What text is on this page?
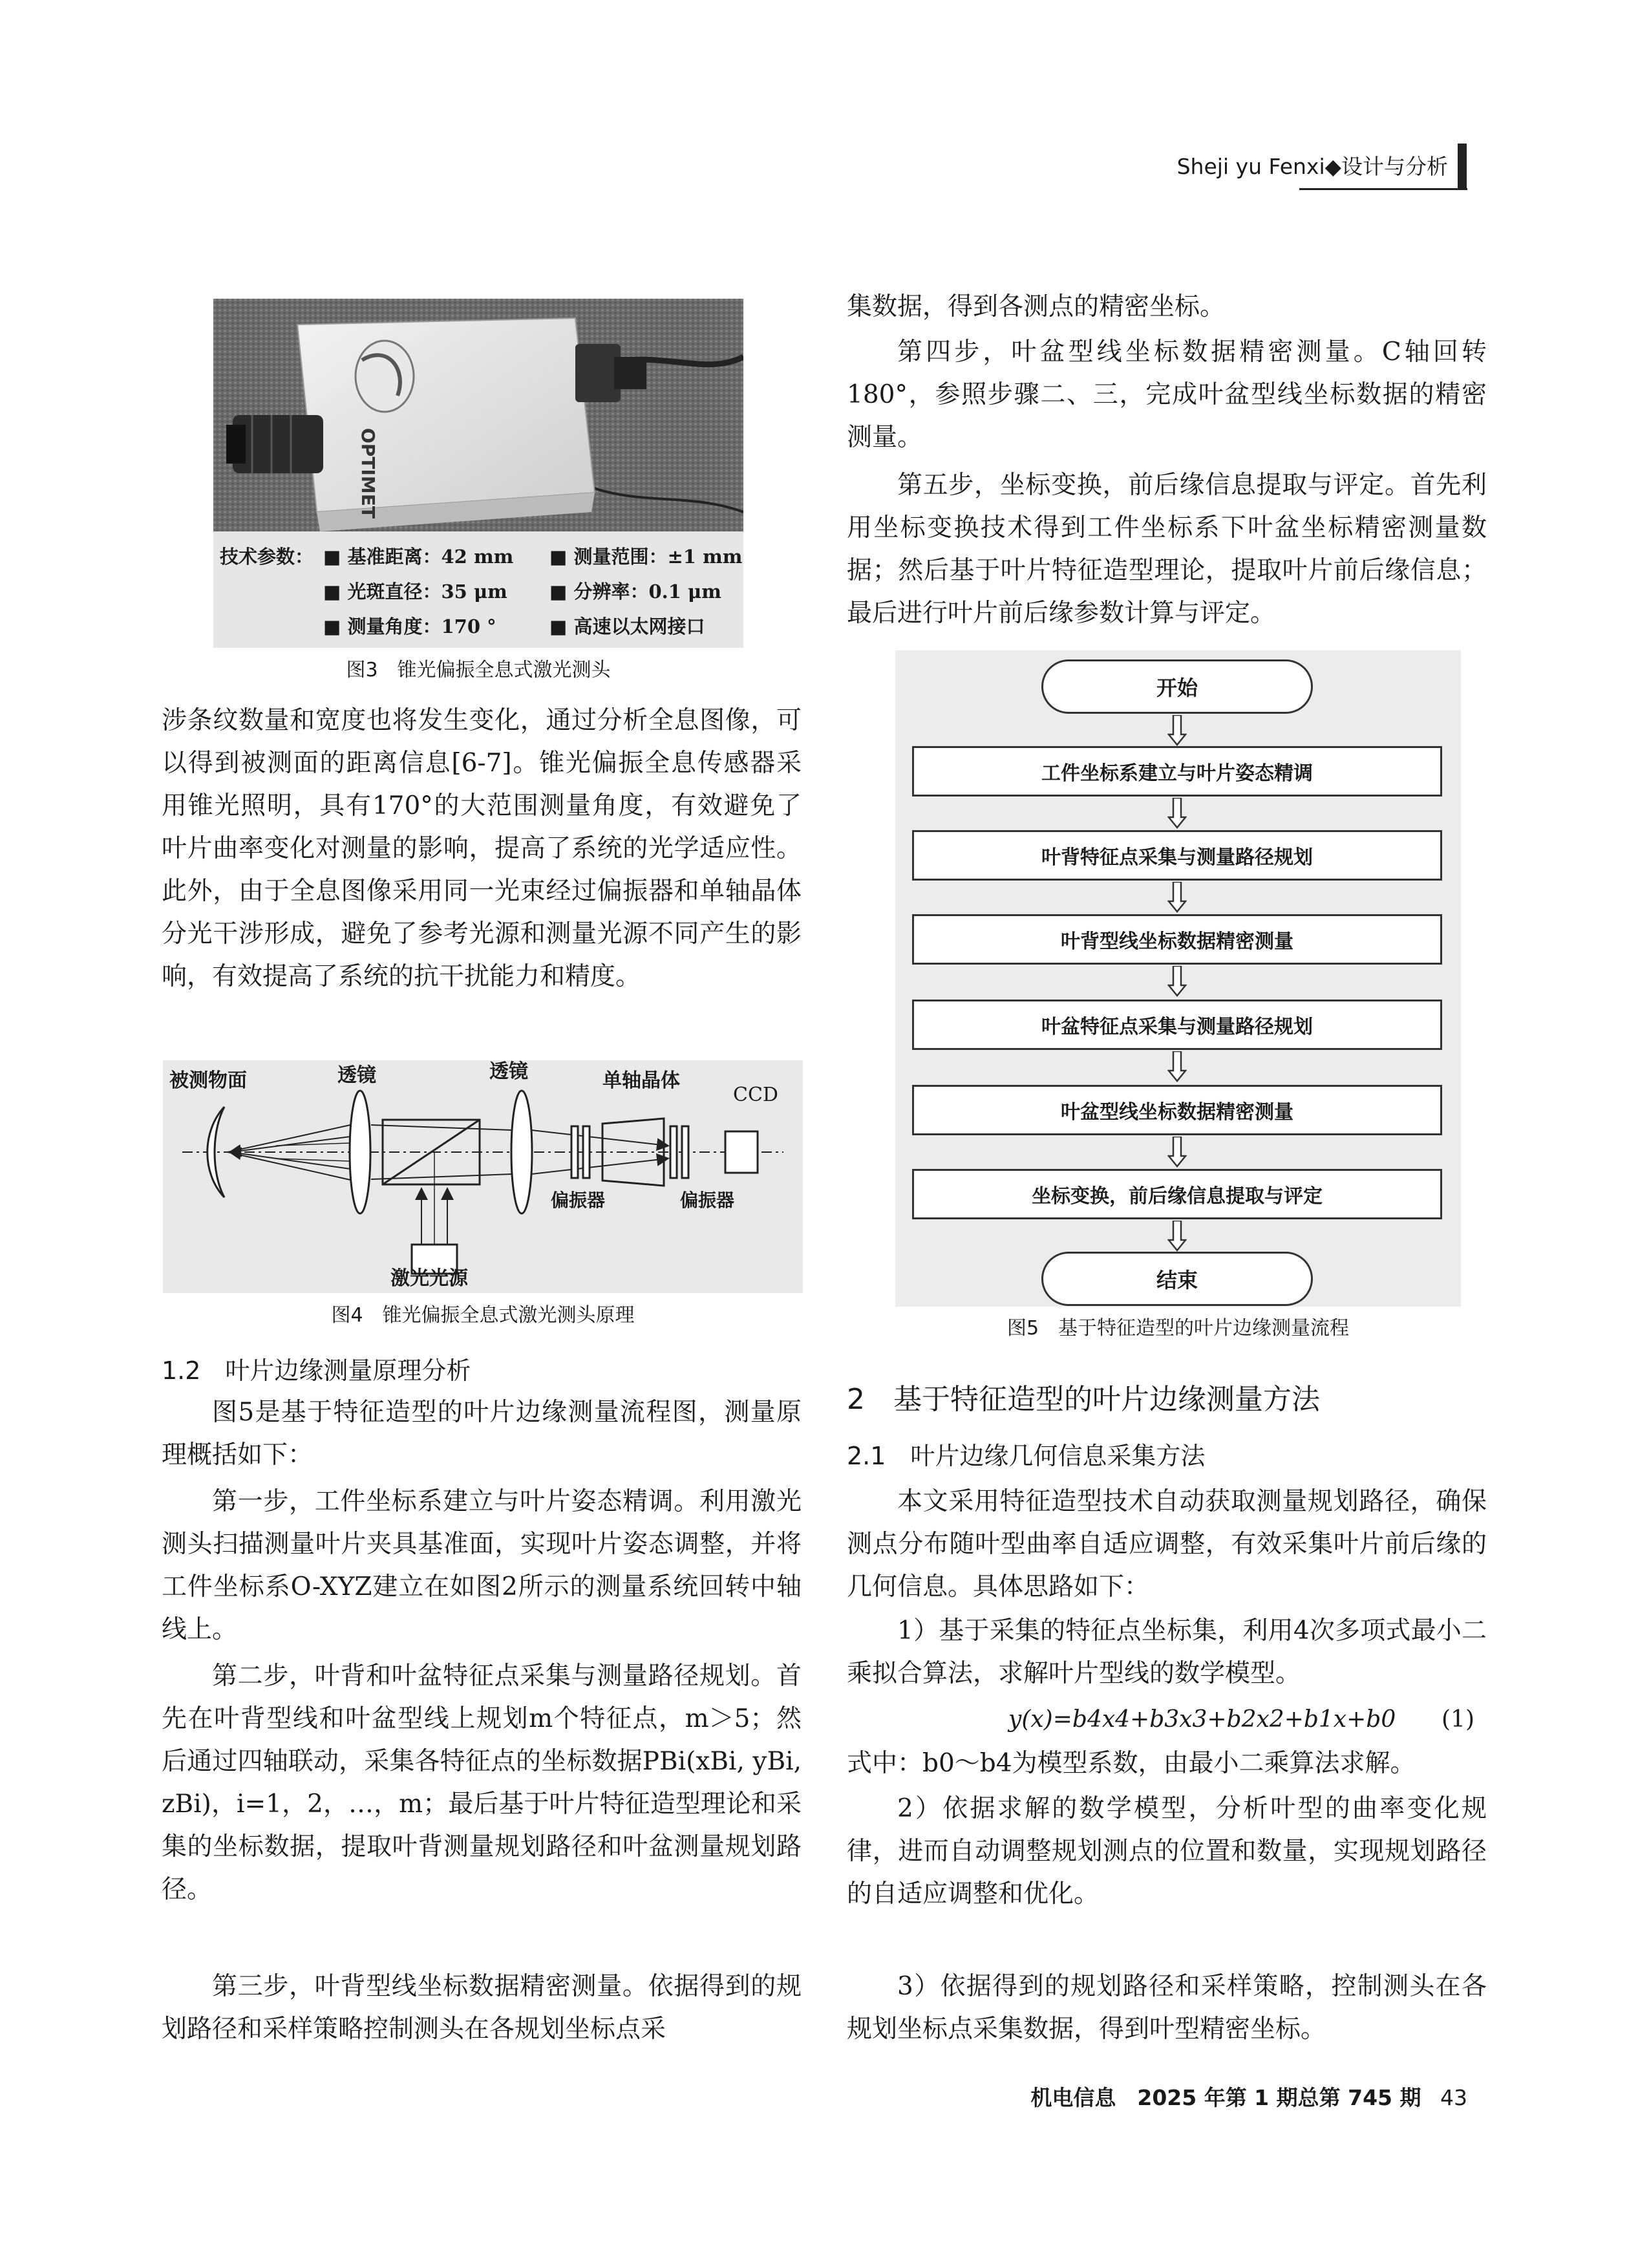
Sheji yu Fenxi◆设计与分析
OPTIMET
技术参数： ■ 基准距离：42 mm ■ 测量范围：±1 mm
■ 光斑直径：35 μm ■ 分辨率：0.1 μm
■ 测量角度：170 °	■ 高速以太网接口
图3　锥光偏振全息式激光测头

涉条纹数量和宽度也将发生变化，通过分析全息图像，可以得到被测面的距离信息[6-7]。锥光偏振全息传感器采用锥光照明，具有170°的大范围测量角度，有效避免了叶片曲率变化对测量的影响，提高了系统的光学适应性。此外，由于全息图像采用同一光束经过偏振器和单轴晶体分光干涉形成，避免了参考光源和测量光源不同产生的影响，有效提高了系统的抗干扰能力和精度。

被测物面	透镜	透镜	单轴晶体
CCD
偏振器	偏振器
激光光源
图4　锥光偏振全息式激光测头原理
1.2　叶片边缘测量原理分析

图5是基于特征造型的叶片边缘测量流程图，测量原理概括如下：

第一步，工件坐标系建立与叶片姿态精调。利用激光测头扫描测量叶片夹具基准面，实现叶片姿态调整，并将工件坐标系O-XYZ建立在如图2所示的测量系统回转中轴线上。

第二步，叶背和叶盆特征点采集与测量路径规划。首先在叶背型线和叶盆型线上规划m个特征点，m＞5；然后通过四轴联动，采集各特征点的坐标数据PBi(xBi, yBi, zBi)，i=1，2，…，m；最后基于叶片特征造型理论和采集的坐标数据，提取叶背测量规划路径和叶盆测量规划路径。

第三步，叶背型线坐标数据精密测量。依据得到的规划路径和采样策略控制测头在各规划坐标点采

集数据，得到各测点的精密坐标。

第四步，叶盆型线坐标数据精密测量。C轴回转180°，参照步骤二、三，完成叶盆型线坐标数据的精密测量。

第五步，坐标变换，前后缘信息提取与评定。首先利用坐标变换技术得到工件坐标系下叶盆坐标精密测量数据；然后基于叶片特征造型理论，提取叶片前后缘信息；最后进行叶片前后缘参数计算与评定。

开始
工件坐标系建立与叶片姿态精调
叶背特征点采集与测量路径规划
叶背型线坐标数据精密测量
叶盆特征点采集与测量路径规划
叶盆型线坐标数据精密测量
坐标变换，前后缘信息提取与评定
结束
图5　基于特征造型的叶片边缘测量流程
2　基于特征造型的叶片边缘测量方法
2.1　叶片边缘几何信息采集方法

本文采用特征造型技术自动获取测量规划路径，确保测点分布随叶型曲率自适应调整，有效采集叶片前后缘的几何信息。具体思路如下：

1）基于采集的特征点坐标集，利用4次多项式最小二乘拟合算法，求解叶片型线的数学模型。

y(x)=b4x4+b3x3+b2x2+b1x+b0 (1)

式中：b0～b4为模型系数，由最小二乘算法求解。

2）依据求解的数学模型，分析叶型的曲率变化规律，进而自动调整规划测点的位置和数量，实现规划路径的自适应调整和优化。

3）依据得到的规划路径和采样策略，控制测头在各规划坐标点采集数据，得到叶型精密坐标。

机电信息　2025 年第 1 期总第 745 期 43
